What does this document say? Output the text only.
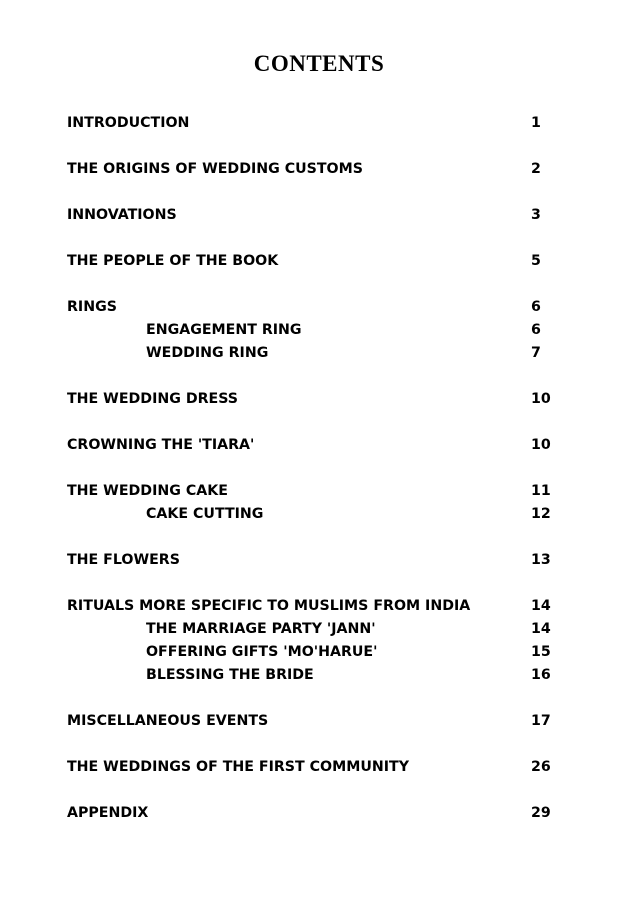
CONTENTS
INTRODUCTION	1
THE ORIGINS OF WEDDING CUSTOMS	2
INNOVATIONS	3
THE PEOPLE OF THE BOOK	5
RINGS	6
ENGAGEMENT RING	6
WEDDING RING	7
THE WEDDING DRESS	10
CROWNING THE 'TIARA'	10
THE WEDDING CAKE	11
CAKE CUTTING	12
THE FLOWERS	13
RITUALS MORE SPECIFIC TO MUSLIMS FROM INDIA	14
THE MARRIAGE PARTY 'JANN'	14
OFFERING GIFTS 'MO'HARUE'	15
BLESSING THE BRIDE	16
MISCELLANEOUS EVENTS	17
THE WEDDINGS OF THE FIRST COMMUNITY	26
APPENDIX	29
